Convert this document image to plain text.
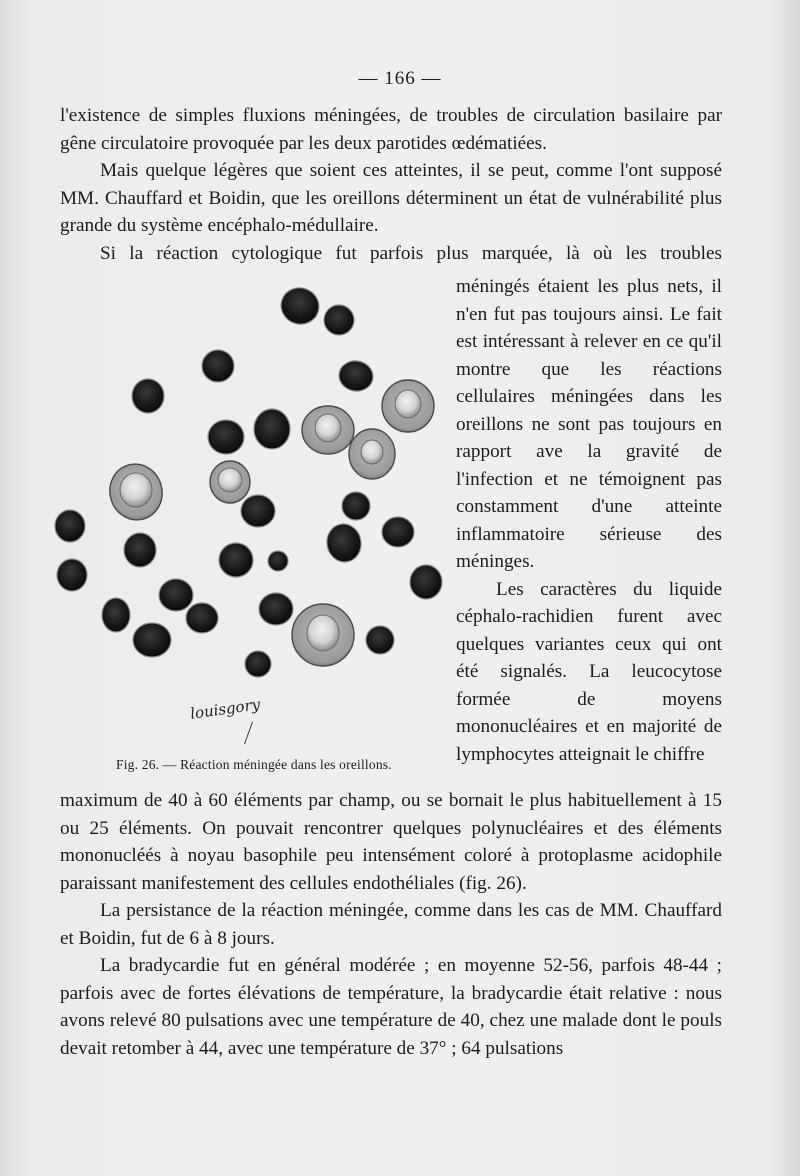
— 166 —

l'existence de simples fluxions méningées, de troubles de circulation basilaire par gêne circulatoire provoquée par les deux parotides œdématiées.

Mais quelque légères que soient ces atteintes, il se peut, comme l'ont supposé MM. Chauffard et Boidin, que les oreillons déterminent un état de vulnérabilité plus grande du système encéphalo-médullaire.

Si la réaction cytologique fut parfois plus marquée, là où les troubles

louisgory
Fig. 26. — Réaction méningée dans les oreillons.

méningés étaient les plus nets, il n'en fut pas toujours ainsi. Le fait est intéressant à relever en ce qu'il montre que les réactions cellulaires méningées dans les oreillons ne sont pas toujours en rapport ave la gravité de l'infection et ne témoignent pas constamment d'une atteinte inflammatoire sérieuse des méninges.

Les caractères du liquide céphalo-rachidien furent avec quelques variantes ceux qui ont été signalés. La leucocytose formée de moyens mononucléaires et en majorité de lymphocytes atteignait le chiffre

maximum de 40 à 60 éléments par champ, ou se bornait le plus habituellement à 15 ou 25 éléments. On pouvait rencontrer quelques polynucléaires et des éléments mononucléés à noyau basophile peu intensément coloré à protoplasme acidophile paraissant manifestement des cellules endothéliales (fig. 26).

La persistance de la réaction méningée, comme dans les cas de MM. Chauffard et Boidin, fut de 6 à 8 jours.

La bradycardie fut en général modérée ; en moyenne 52-56, parfois 48-44 ; parfois avec de fortes élévations de température, la bradycardie était relative : nous avons relevé 80 pulsations avec une température de 40, chez une malade dont le pouls devait retomber à 44, avec une température de 37° ; 64 pulsations
